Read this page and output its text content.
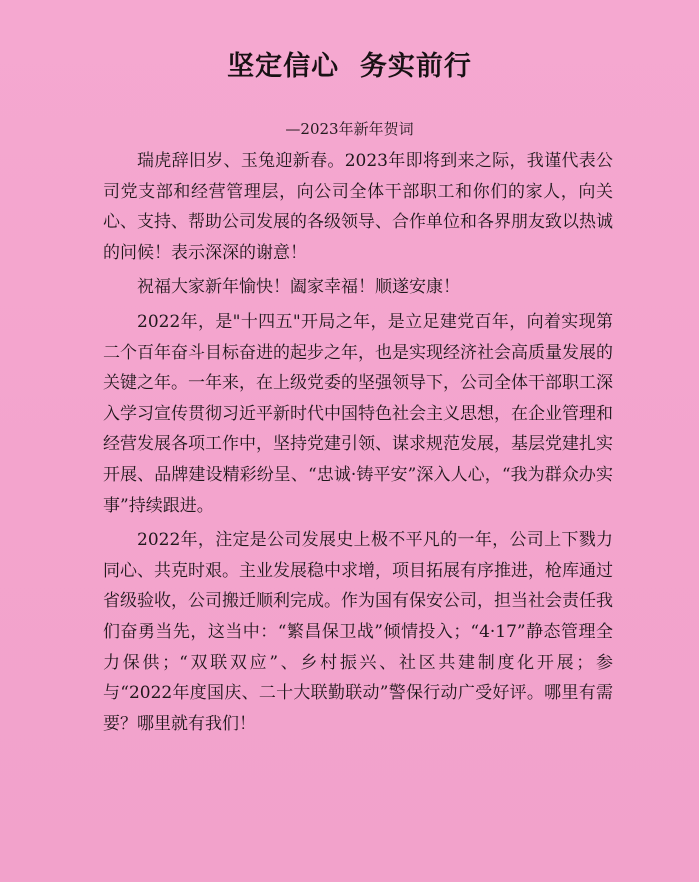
坚定信心  务实前行
—2023年新年贺词

瑞虎辞旧岁、玉兔迎新春。2023年即将到来之际，我谨代表公司党支部和经营管理层，向公司全体干部职工和你们的家人，向关心、支持、帮助公司发展的各级领导、合作单位和各界朋友致以热诚的问候！表示深深的谢意！

祝福大家新年愉快！阖家幸福！顺遂安康！

2022年，是"十四五"开局之年，是立足建党百年，向着实现第二个百年奋斗目标奋进的起步之年，也是实现经济社会高质量发展的关键之年。一年来，在上级党委的坚强领导下，公司全体干部职工深入学习宣传贯彻习近平新时代中国特色社会主义思想，在企业管理和经营发展各项工作中，坚持党建引领、谋求规范发展，基层党建扎实开展、品牌建设精彩纷呈、“忠诚·铸平安”深入人心，“我为群众办实事”持续跟进。

2022年，注定是公司发展史上极不平凡的一年，公司上下戮力同心、共克时艰。主业发展稳中求增，项目拓展有序推进，枪库通过省级验收，公司搬迁顺利完成。作为国有保安公司，担当社会责任我们奋勇当先，这当中：“繁昌保卫战”倾情投入；“4·17”静态管理全力保供；“双联双应”、乡村振兴、社区共建制度化开展；参与“2022年度国庆、二十大联勤联动”警保行动广受好评。哪里有需要？哪里就有我们！
